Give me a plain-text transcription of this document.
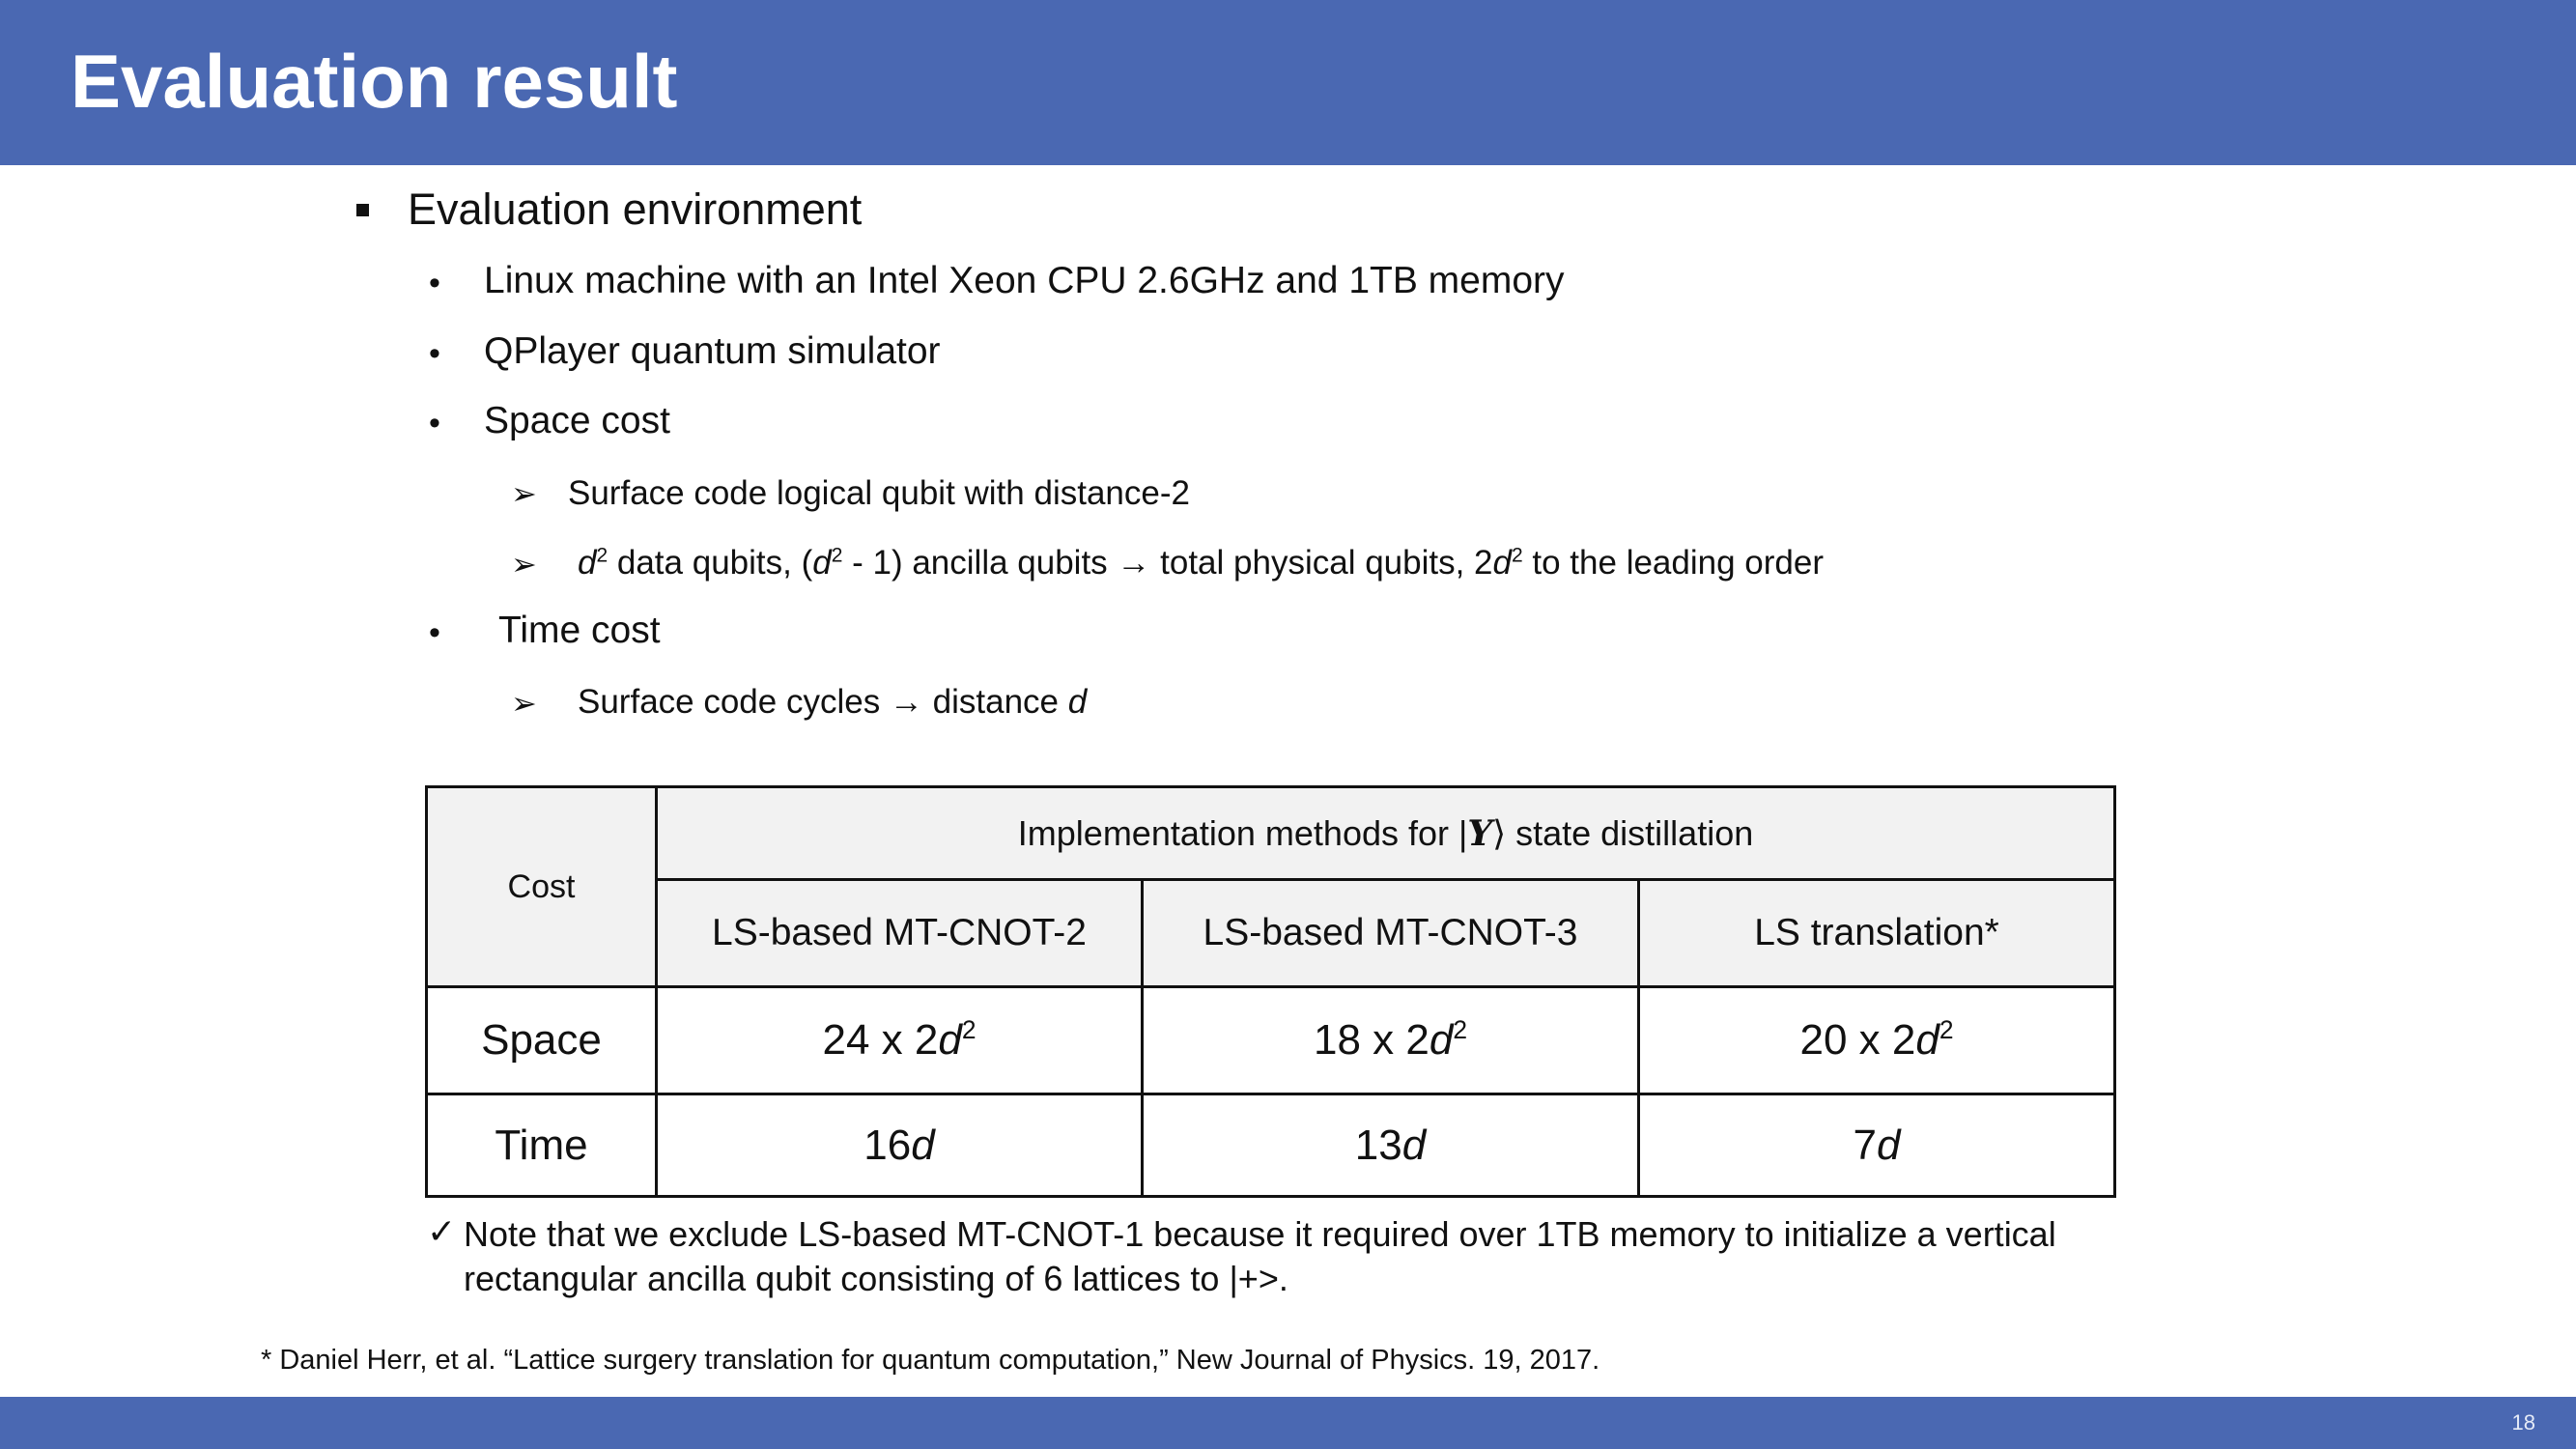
Evaluation result
Evaluation environment
• Linux machine with an Intel Xeon CPU 2.6GHz and 1TB memory
• QPlayer quantum simulator
• Space cost
➢ Surface code logical qubit with distance-2
➢ $d^2$ data qubits, $(d^2 - 1)$ ancilla qubits → total physical qubits, $2d^2$ to the leading order
• Time cost
➢ Surface code cycles → distance d
Cost	Implementation methods for |Y⟩ state distillation		
	LS-based MT-CNOT-2	LS-based MT-CNOT-3	LS translation*
Space	24 x $2d^2$	18 x $2d^2$	20 x $2d^2$
Time	16d	13d	7d
✓ Note that we exclude LS-based MT-CNOT-1 because it required over 1TB memory to initialize a vertical rectangular ancilla qubit consisting of 6 lattices to |+>.
* Daniel Herr, et al. “Lattice surgery translation for quantum computation,” New Journal of Physics. 19, 2017.
18
